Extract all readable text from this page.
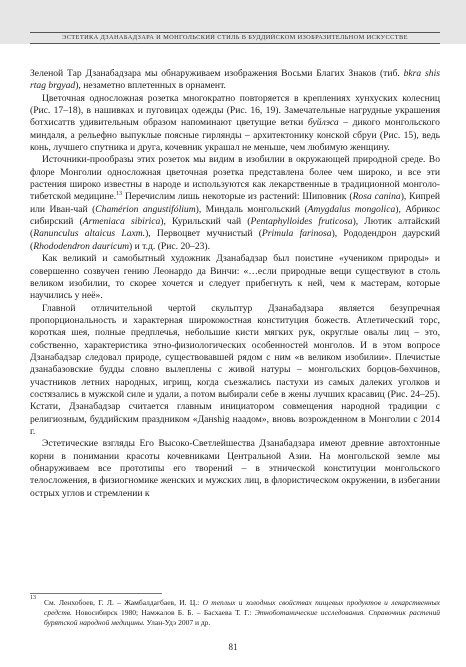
ЭСТЕТИКА ДЗАНАБАДЗАРА И МОНГОЛЬСКИЙ СТИЛЬ В БУДДИЙСКОМ ИЗОБРАЗИТЕЛЬНОМ ИСКУССТВЕ

Зеленой Тар Дзанабадзара мы обнаруживаем изображения Восьми Благих Знаков (тиб. bkra shis rtag brgyad), незаметно вплетенных в орнамент.

Цветочная односложная розетка многократно повторяется в креплениях хунхуских колесниц (Рис. 17–18), в нашивках и пуговицах одежды (Рис. 16, 19). Замечательные нагрудные украшения ботхисаттв удивительным образом напоминают цветущие ветки буйлэса – дикого монгольского миндаля, а рельефно выпуклые поясные гирлянды – архитектонику конской сбруи (Рис. 15), ведь конь, лучшего спутника и друга, кочевник украшал не меньше, чем любимую женщину.

Источники-прообразы этих розеток мы видим в изобилии в окружающей природной среде. Во флоре Монголии односложная цветочная розетка представлена более чем широко, и все эти растения широко известны в народе и используются как лекарственные в традиционной монголо-тибетской медицине.$^{13}$ Перечислим лишь некоторые из растений: Шиповник (Rosa canina), Кипрей или Иван-чай (Chamérion angustifólium), Миндаль монгольский (Amygdalus mongolica), Абрикос сибирский (Armeniaca sibirica), Курильский чай (Pentaphylloides fruticosa), Лютик алтайский (Ranunculus altaicus Laxm.), Первоцвет мучнистый (Primula farinosa), Рододендрон даурский (Rhododendron dauricum) и т.д. (Рис. 20–23).

Как великий и самобытный художник Дзанабадзар был поистине «учеником природы» и совершенно созвучен гению Леонардо да Винчи: «…если природные вещи существуют в столь великом изобилии, то скорее хочется и следует прибегнуть к ней, чем к мастерам, которые научились у неё».

Главной отличительной чертой скульптур Дзанабадзара является безупречная пропорциональность и характерная ширококостная конституция божеств. Атлетический торс, короткая шея, полные предплечья, небольшие кисти мягких рук, округлые овалы лиц – это, собственно, характеристика этно-физиологических особенностей монголов. И в этом вопросе Дзанабадзар следовал природе, существовавшей рядом с ним «в великом изобилии». Плечистые дзанабазовские будды словно вылеплены с живой натуры – монгольских борцов-бөхчинов, участников летних народных, игрищ, когда съезжались пастухи из самых далеких уголков и состязались в мужской силе и удали, а потом выбирали себе в жены лучших красавиц (Рис. 24–25). Кстати, Дзанабадзар считается главным инициатором совмещения народной традиции с религиозным, буддийским праздником «Данshig наадом», вновь возрожденном в Монголии с 2014 г.

Эстетические взгляды Его Высоко-Светлейшества Дзанабадзара имеют древние автохтонные корни в понимании красоты кочевниками Центральной Азии. На монгольской земле мы обнаруживаем все прототипы его творений – в этнической конституции монгольского телосложения, в физиогномике женских и мужских лиц, в флористическом окружении, в избегании острых углов и стремлении к

13 См. Ленхобоев, Г. Л. – Жамбалдагбаев, И. Ц.: О теплых и холодных свойствах пищевых продуктов и лекарственных средств. Новосибирск 1980; Намжалов Б. Б. – Басхаева Т. Г.: Этноботанические исследования. Справочник растений бурятской народной медицины. Улан-Удэ 2007 и др.
81
